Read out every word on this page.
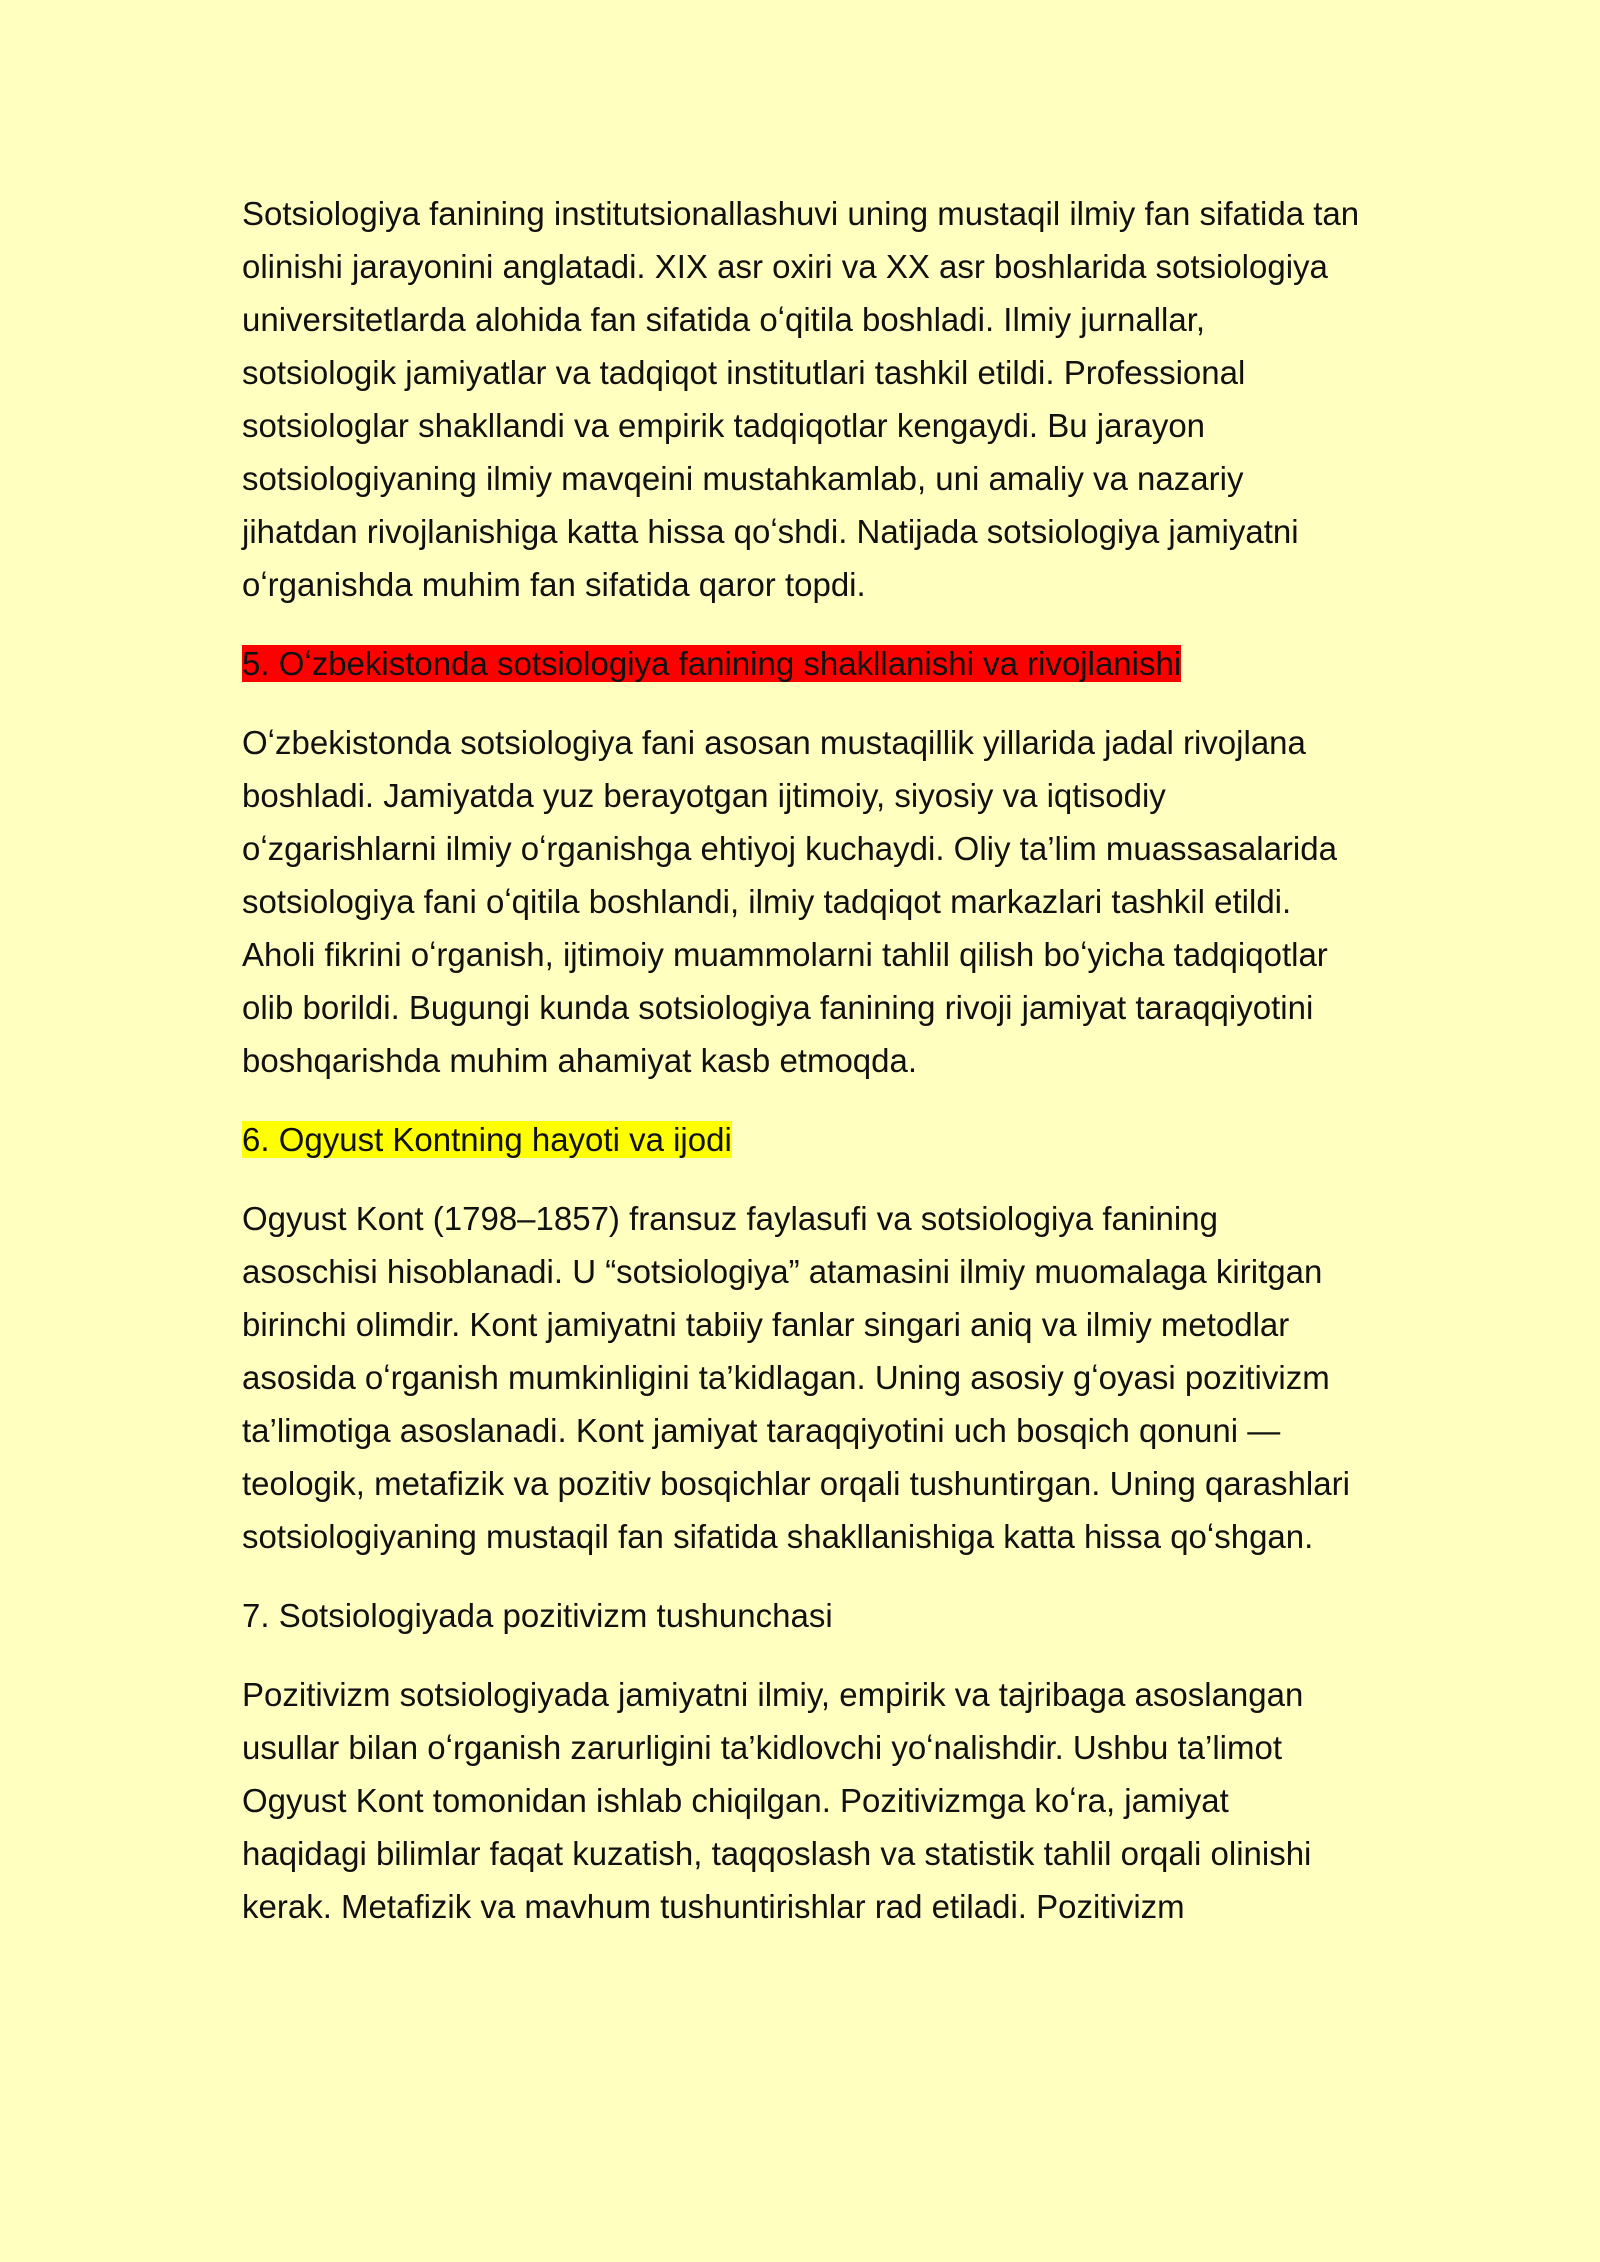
Sotsiologiya fanining institutsionallashuvi uning mustaqil ilmiy fan sifatida tan olinishi jarayonini anglatadi. XIX asr oxiri va XX asr boshlarida sotsiologiya universitetlarda alohida fan sifatida oʻqitila boshladi. Ilmiy jurnallar, sotsiologik jamiyatlar va tadqiqot institutlari tashkil etildi. Professional sotsiologlar shakllandi va empirik tadqiqotlar kengaydi. Bu jarayon sotsiologiyaning ilmiy mavqeini mustahkamlab, uni amaliy va nazariy jihatdan rivojlanishiga katta hissa qoʻshdi. Natijada sotsiologiya jamiyatni oʻrganishda muhim fan sifatida qaror topdi.

5. Oʻzbekistonda sotsiologiya fanining shakllanishi va rivojlanishi

Oʻzbekistonda sotsiologiya fani asosan mustaqillik yillarida jadal rivojlana boshladi. Jamiyatda yuz berayotgan ijtimoiy, siyosiy va iqtisodiy oʻzgarishlarni ilmiy oʻrganishga ehtiyoj kuchaydi. Oliy ta’lim muassasalarida sotsiologiya fani oʻqitila boshlandi, ilmiy tadqiqot markazlari tashkil etildi. Aholi fikrini oʻrganish, ijtimoiy muammolarni tahlil qilish boʻyicha tadqiqotlar olib borildi. Bugungi kunda sotsiologiya fanining rivoji jamiyat taraqqiyotini boshqarishda muhim ahamiyat kasb etmoqda.

6. Ogyust Kontning hayoti va ijodi

Ogyust Kont (1798–1857) fransuz faylasufi va sotsiologiya fanining asoschisi hisoblanadi. U “sotsiologiya” atamasini ilmiy muomalaga kiritgan birinchi olimdir. Kont jamiyatni tabiiy fanlar singari aniq va ilmiy metodlar asosida oʻrganish mumkinligini ta’kidlagan. Uning asosiy gʻoyasi pozitivizm ta’limotiga asoslanadi. Kont jamiyat taraqqiyotini uch bosqich qonuni — teologik, metafizik va pozitiv bosqichlar orqali tushuntirgan. Uning qarashlari sotsiologiyaning mustaqil fan sifatida shakllanishiga katta hissa qoʻshgan.

7. Sotsiologiyada pozitivizm tushunchasi

Pozitivizm sotsiologiyada jamiyatni ilmiy, empirik va tajribaga asoslangan usullar bilan oʻrganish zarurligini ta’kidlovchi yoʻnalishdir. Ushbu ta’limot Ogyust Kont tomonidan ishlab chiqilgan. Pozitivizmga koʻra, jamiyat haqidagi bilimlar faqat kuzatish, taqqoslash va statistik tahlil orqali olinishi kerak. Metafizik va mavhum tushuntirishlar rad etiladi. Pozitivizm
